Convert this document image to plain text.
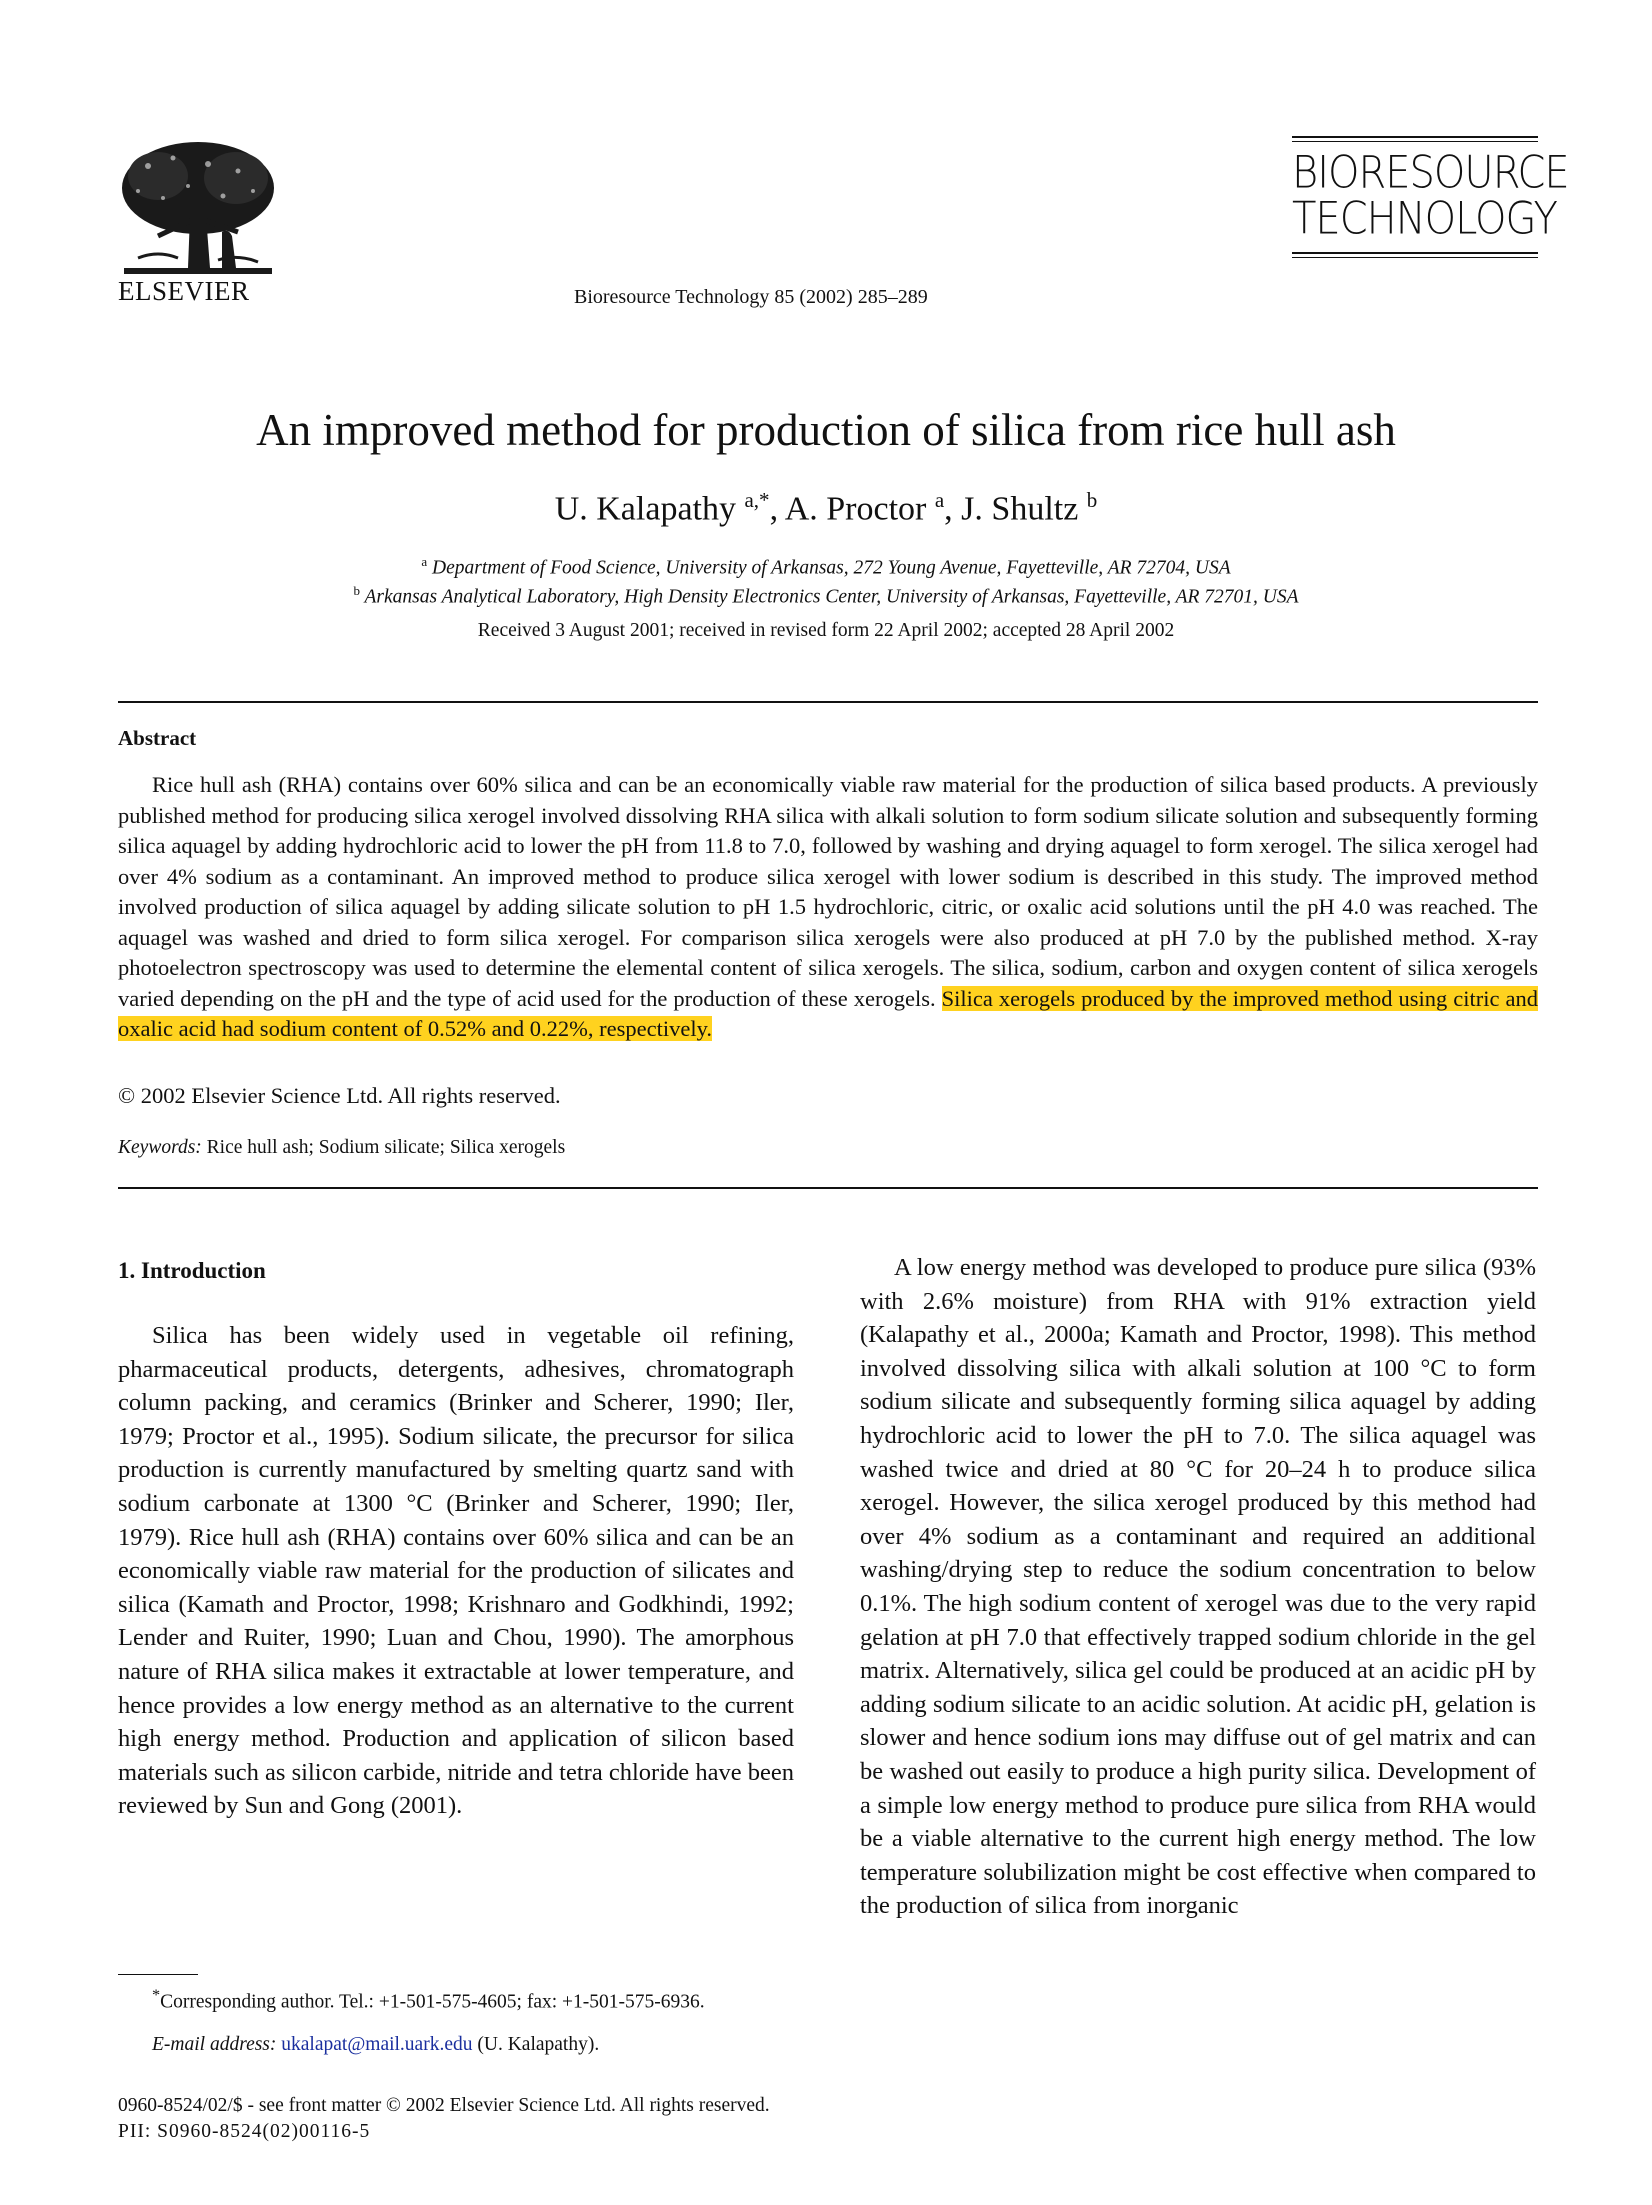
ELSEVIER	Bioresource Technology 85 (2002) 285–289
BIORESOURCE
TECHNOLOGY
An improved method for production of silica from rice hull ash
U. Kalapathy $^{a,*}$, A. Proctor $^a$, J. Shultz $^b$
$^a$ Department of Food Science, University of Arkansas, 272 Young Avenue, Fayetteville, AR 72704, USA
$^b$ Arkansas Analytical Laboratory, High Density Electronics Center, University of Arkansas, Fayetteville, AR 72701, USA
Received 3 August 2001; received in revised form 22 April 2002; accepted 28 April 2002
Abstract
Rice hull ash (RHA) contains over 60% silica and can be an economically viable raw material for the production of silica based products. A previously published method for producing silica xerogel involved dissolving RHA silica with alkali solution to form sodium silicate solution and subsequently forming silica aquagel by adding hydrochloric acid to lower the pH from 11.8 to 7.0, followed by washing and drying aquagel to form xerogel. The silica xerogel had over 4% sodium as a contaminant. An improved method to produce silica xerogel with lower sodium is described in this study. The improved method involved production of silica aquagel by adding silicate solution to pH 1.5 hydrochloric, citric, or oxalic acid solutions until the pH 4.0 was reached. The aquagel was washed and dried to form silica xerogel. For comparison silica xerogels were also produced at pH 7.0 by the published method. X-ray photoelectron spectroscopy was used to determine the elemental content of silica xerogels. The silica, sodium, carbon and oxygen content of silica xerogels varied depending on the pH and the type of acid used for the production of these xerogels. Silica xerogels produced by the improved method using citric and oxalic acid had sodium content of 0.52% and 0.22%, respectively.
© 2002 Elsevier Science Ltd. All rights reserved.
Keywords: Rice hull ash; Sodium silicate; Silica xerogels
1. Introduction
Silica has been widely used in vegetable oil refining, pharmaceutical products, detergents, adhesives, chromatograph column packing, and ceramics (Brinker and Scherer, 1990; Iler, 1979; Proctor et al., 1995). Sodium silicate, the precursor for silica production is currently manufactured by smelting quartz sand with sodium carbonate at 1300 °C (Brinker and Scherer, 1990; Iler, 1979). Rice hull ash (RHA) contains over 60% silica and can be an economically viable raw material for the production of silicates and silica (Kamath and Proctor, 1998; Krishnaro and Godkhindi, 1992; Lender and Ruiter, 1990; Luan and Chou, 1990). The amorphous nature of RHA silica makes it extractable at lower temperature, and hence provides a low energy method as an alternative to the current high energy method. Production and application of silicon based materials such as silicon carbide, nitride and tetra chloride have been reviewed by Sun and Gong (2001).
A low energy method was developed to produce pure silica (93% with 2.6% moisture) from RHA with 91% extraction yield (Kalapathy et al., 2000a; Kamath and Proctor, 1998). This method involved dissolving silica with alkali solution at 100 °C to form sodium silicate and subsequently forming silica aquagel by adding hydrochloric acid to lower the pH to 7.0. The silica aquagel was washed twice and dried at 80 °C for 20–24 h to produce silica xerogel. However, the silica xerogel produced by this method had over 4% sodium as a contaminant and required an additional washing/drying step to reduce the sodium concentration to below 0.1%. The high sodium content of xerogel was due to the very rapid gelation at pH 7.0 that effectively trapped sodium chloride in the gel matrix. Alternatively, silica gel could be produced at an acidic pH by adding sodium silicate to an acidic solution. At acidic pH, gelation is slower and hence sodium ions may diffuse out of gel matrix and can be washed out easily to produce a high purity silica. Development of a simple low energy method to produce pure silica from RHA would be a viable alternative to the current high energy method. The low temperature solubilization might be cost effective when compared to the production of silica from inorganic
*Corresponding author. Tel.: +1-501-575-4605; fax: +1-501-575-6936.
E-mail address: ukalapat@mail.uark.edu (U. Kalapathy).
0960-8524/02/$ - see front matter © 2002 Elsevier Science Ltd. All rights reserved.
PII: S0960-8524(02)00116-5
